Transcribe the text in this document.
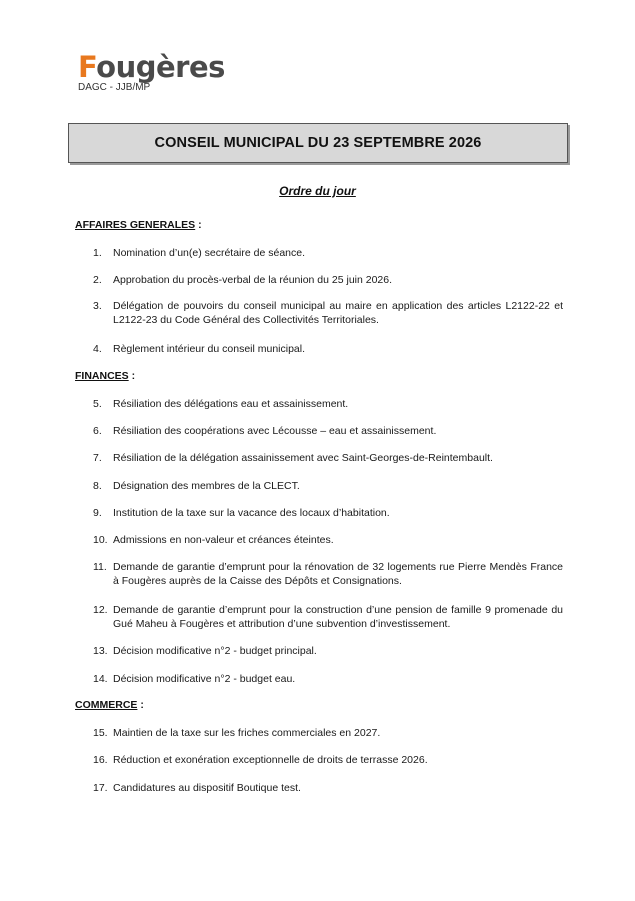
Fougères
DAGC - JJB/MP
CONSEIL MUNICIPAL DU 23 SEPTEMBRE 2026
Ordre du jour
AFFAIRES GENERALES :
1.	Nomination d’un(e) secrétaire de séance.
2.	Approbation du procès-verbal de la réunion du 25 juin 2026.
3.	Délégation de pouvoirs du conseil municipal au maire en application des articles L2122-22 et L2122-23 du Code Général des Collectivités Territoriales.
4.	Règlement intérieur du conseil municipal.
FINANCES :
5.	Résiliation des délégations eau et assainissement.
6.	Résiliation des coopérations avec Lécousse – eau et assainissement.
7.	Résiliation de la délégation assainissement avec Saint-Georges-de-Reintembault.
8.	Désignation des membres de la CLECT.
9.	Institution de la taxe sur la vacance des locaux d’habitation.
10. Admissions en non-valeur et créances éteintes.
11. Demande de garantie d’emprunt pour la rénovation de 32 logements rue Pierre Mendès France à Fougères auprès de la Caisse des Dépôts et Consignations.
12. Demande de garantie d’emprunt pour la construction d’une pension de famille 9 promenade du Gué Maheu à Fougères et attribution d’une subvention d’investissement.
13. Décision modificative n°2 - budget principal.
14. Décision modificative n°2 - budget eau.
COMMERCE :
15. Maintien de la taxe sur les friches commerciales en 2027.
16. Réduction et exonération exceptionnelle de droits de terrasse 2026.
17. Candidatures au dispositif Boutique test.
